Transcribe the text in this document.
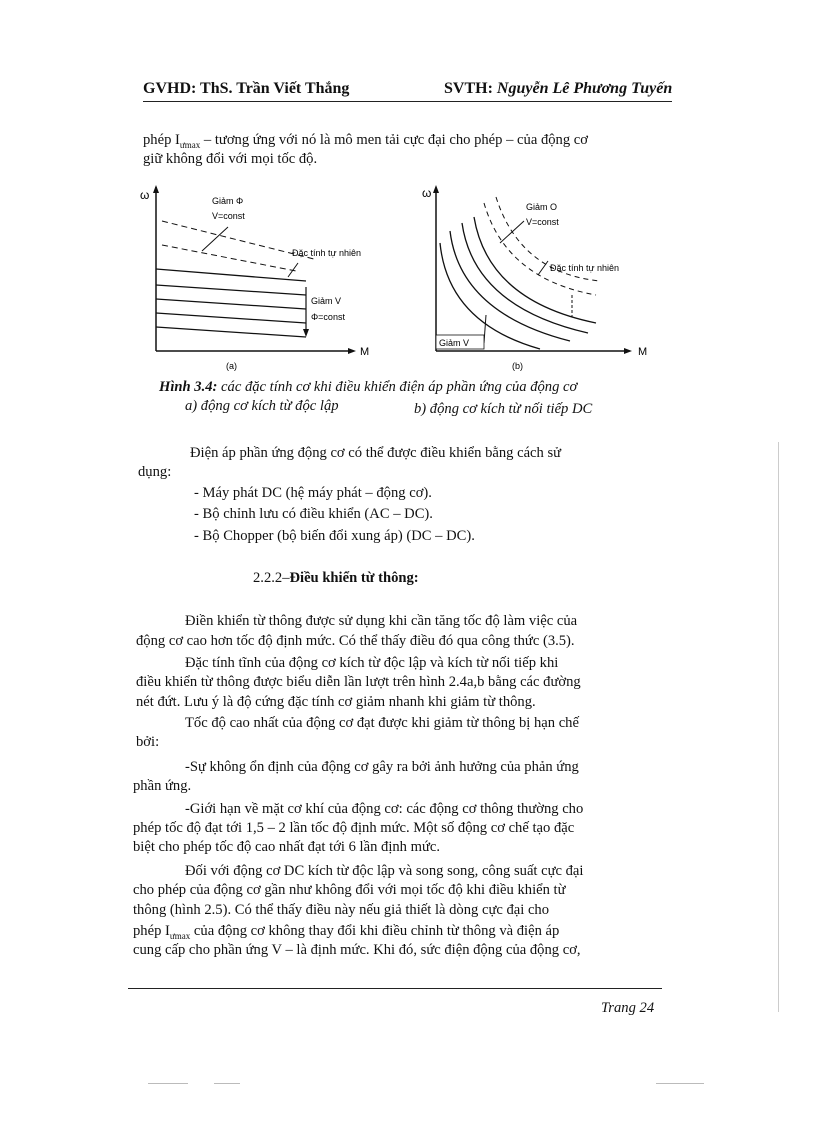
GVHD: ThS. Trần Viết Thắng	SVTH: Nguyễn Lê Phương Tuyến
phép $I_{ưmax}$ – tương ứng với nó là mô men tải cực đại cho phép – của động cơ
giữ không đổi với mọi tốc độ.
ω
M
Giảm Φ
V=const
Đặc tính tự nhiên
Giảm V
Φ=const
(a)
ω
M
Giảm O
V=const
Đặc tính tự nhiên
Giảm V
(b)
Hình 3.4: các đặc tính cơ khi điều khiển điện áp phần ứng của động cơ
a) động cơ kích từ độc lập	b) động cơ kích từ nối tiếp DC
Điện áp phần ứng động cơ có thể được điều khiển bằng cách sử
dụng:
- Máy phát DC (hệ máy phát – động cơ).
- Bộ chỉnh lưu có điều khiển (AC – DC).
- Bộ Chopper (bộ biến đổi xung áp) (DC – DC).
2.2.2–Điều khiển từ thông:
Điền khiển từ thông được sử dụng khi cần tăng tốc độ làm việc của
động cơ cao hơn tốc độ định mức. Có thể thấy điều đó qua công thức (3.5).
Đặc tính tĩnh của động cơ kích từ độc lập và kích từ nối tiếp khi
điều khiển từ thông được biểu diễn lần lượt trên hình 2.4a,b bằng các đường
nét đứt. Lưu ý là độ cứng đặc tính cơ giảm nhanh khi giảm từ thông.
Tốc độ cao nhất của động cơ đạt được khi giảm từ thông bị hạn chế
bởi:
-Sự không ổn định của động cơ gây ra bởi ảnh hưởng của phản ứng
phần ứng.
-Giới hạn về mặt cơ khí của động cơ: các động cơ thông thường cho
phép tốc độ đạt tới 1,5 – 2 lần tốc độ định mức. Một số động cơ chế tạo đặc
biệt cho phép tốc độ cao nhất đạt tới 6 lần định mức.
Đối với động cơ DC kích từ độc lập và song song, công suất cực đại
cho phép của động cơ gần như không đổi với mọi tốc độ khi điều khiển từ
thông (hình 2.5). Có thể thấy điều này nếu giả thiết là dòng cực đại cho
phép $I_{ưmax}$ của động cơ không thay đổi khi điều chỉnh từ thông và điện áp
cung cấp cho phần ứng V – là định mức. Khi đó, sức điện động của động cơ,
Trang 24
